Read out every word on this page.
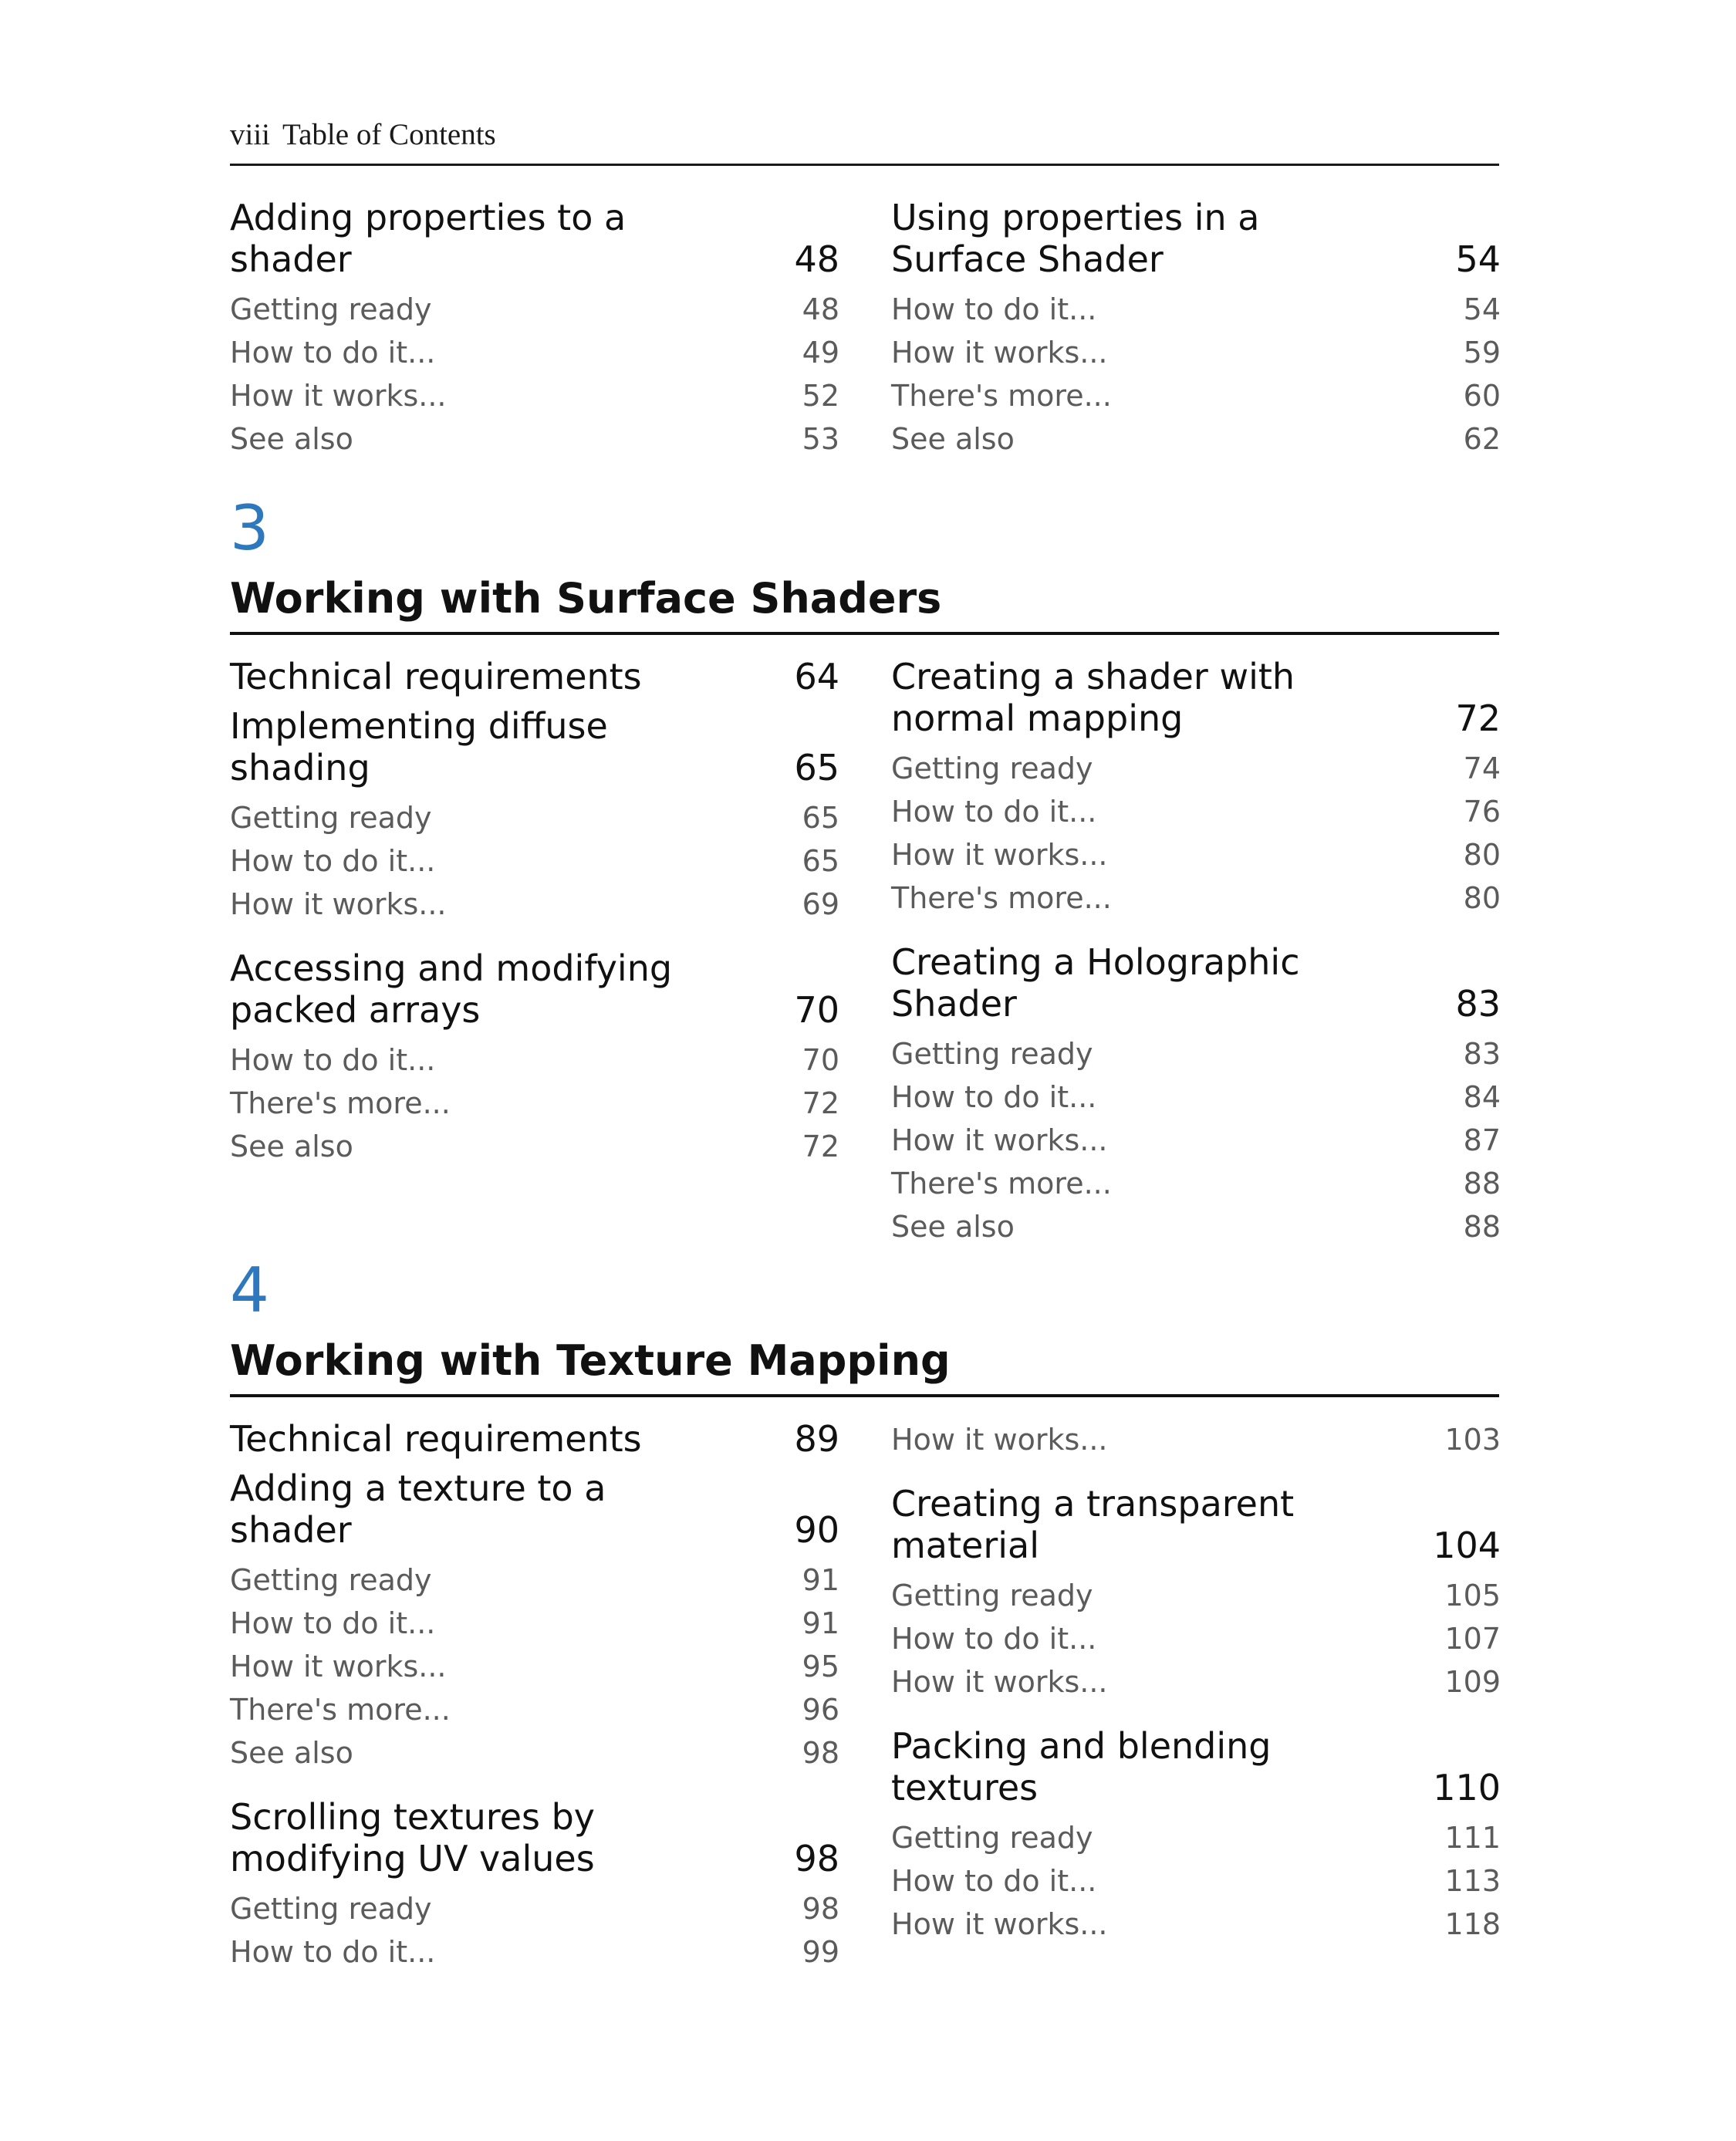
viii Table of Contents
Adding properties to a shader	48
Getting ready	48
How to do it...	49
How it works...	52
See also	53
Using properties in a Surface Shader	54
How to do it...	54
How it works...	59
There's more...	60
See also	62
3
Working with Surface Shaders
Technical requirements	64
Implementing diffuse shading	65
Getting ready	65
How to do it...	65
How it works...	69
Accessing and modifying packed arrays	70
How to do it...	70
There's more...	72
See also	72
Creating a shader with normal mapping	72
Getting ready	74
How to do it...	76
How it works...	80
There's more...	80
Creating a Holographic Shader	83
Getting ready	83
How to do it...	84
How it works...	87
There's more...	88
See also	88
4
Working with Texture Mapping
Technical requirements	89
Adding a texture to a shader	90
Getting ready	91
How to do it...	91
How it works...	95
There's more...	96
See also	98
Scrolling textures by modifying UV values	98
Getting ready	98
How to do it...	99
How it works...	103
Creating a transparent material	104
Getting ready	105
How to do it...	107
How it works...	109
Packing and blending textures	110
Getting ready	111
How to do it...	113
How it works...	118
